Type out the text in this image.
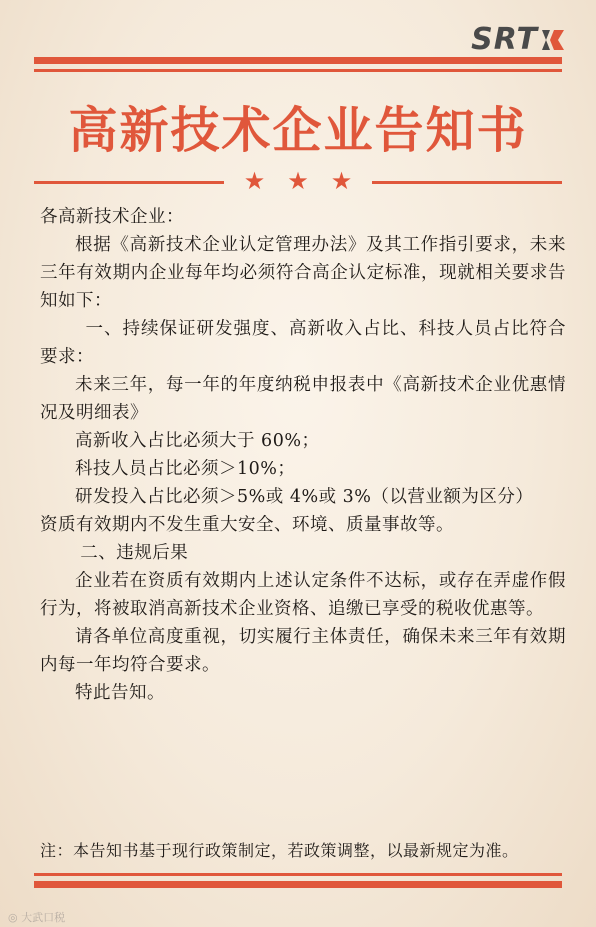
SRT
高新技术企业告知书
★ ★ ★
各高新技术企业：
根据《高新技术企业认定管理办法》及其工作指引要求，未来三年有效期内企业每年均必须符合高企认定标准，现就相关要求告知如下：
一、持续保证研发强度、高新收入占比、科技人员占比符合要求：
未来三年，每一年的年度纳税申报表中《高新技术企业优惠情况及明细表》
高新收入占比必须大于 60%；
科技人员占比必须＞10%；
研发投入占比必须＞5%或 4%或 3%（以营业额为区分）
资质有效期内不发生重大安全、环境、质量事故等。
二、违规后果
企业若在资质有效期内上述认定条件不达标，或存在弄虚作假行为，将被取消高新技术企业资格、追缴已享受的税收优惠等。
请各单位高度重视，切实履行主体责任，确保未来三年有效期内每一年均符合要求。
特此告知。
注：本告知书基于现行政策制定，若政策调整，以最新规定为准。
◎ 大武口税
